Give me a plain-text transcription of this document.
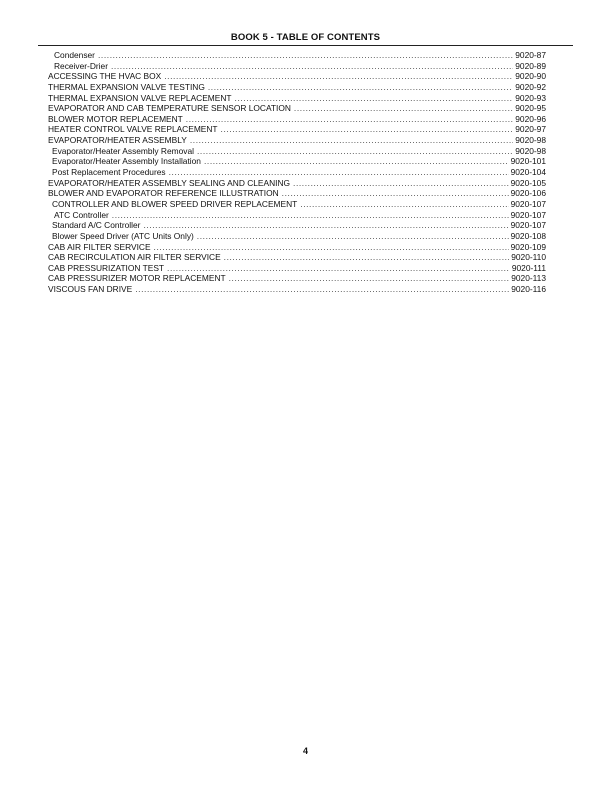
BOOK 5 - TABLE OF CONTENTS
Condenser .....	9020-87
Receiver-Drier .....	9020-89
ACCESSING THE HVAC BOX .....	9020-90
THERMAL EXPANSION VALVE TESTING .....	9020-92
THERMAL EXPANSION VALVE REPLACEMENT .....	9020-93
EVAPORATOR AND CAB TEMPERATURE SENSOR LOCATION .....	9020-95
BLOWER MOTOR REPLACEMENT .....	9020-96
HEATER CONTROL VALVE REPLACEMENT .....	9020-97
EVAPORATOR/HEATER ASSEMBLY .....	9020-98
Evaporator/Heater Assembly Removal .....	9020-98
Evaporator/Heater Assembly Installation .....	9020-101
Post Replacement Procedures .....	9020-104
EVAPORATOR/HEATER ASSEMBLY SEALING AND CLEANING .....	9020-105
BLOWER AND EVAPORATOR REFERENCE ILLUSTRATION .....	9020-106
CONTROLLER AND BLOWER SPEED DRIVER REPLACEMENT .....	9020-107
ATC Controller .....	9020-107
Standard A/C Controller .....	9020-107
Blower Speed Driver (ATC Units Only) .....	9020-108
CAB AIR FILTER SERVICE .....	9020-109
CAB RECIRCULATION AIR FILTER SERVICE .....	9020-110
CAB PRESSURIZATION TEST .....	9020-111
CAB PRESSURIZER MOTOR REPLACEMENT .....	9020-113
VISCOUS FAN DRIVE .....	9020-116
4
